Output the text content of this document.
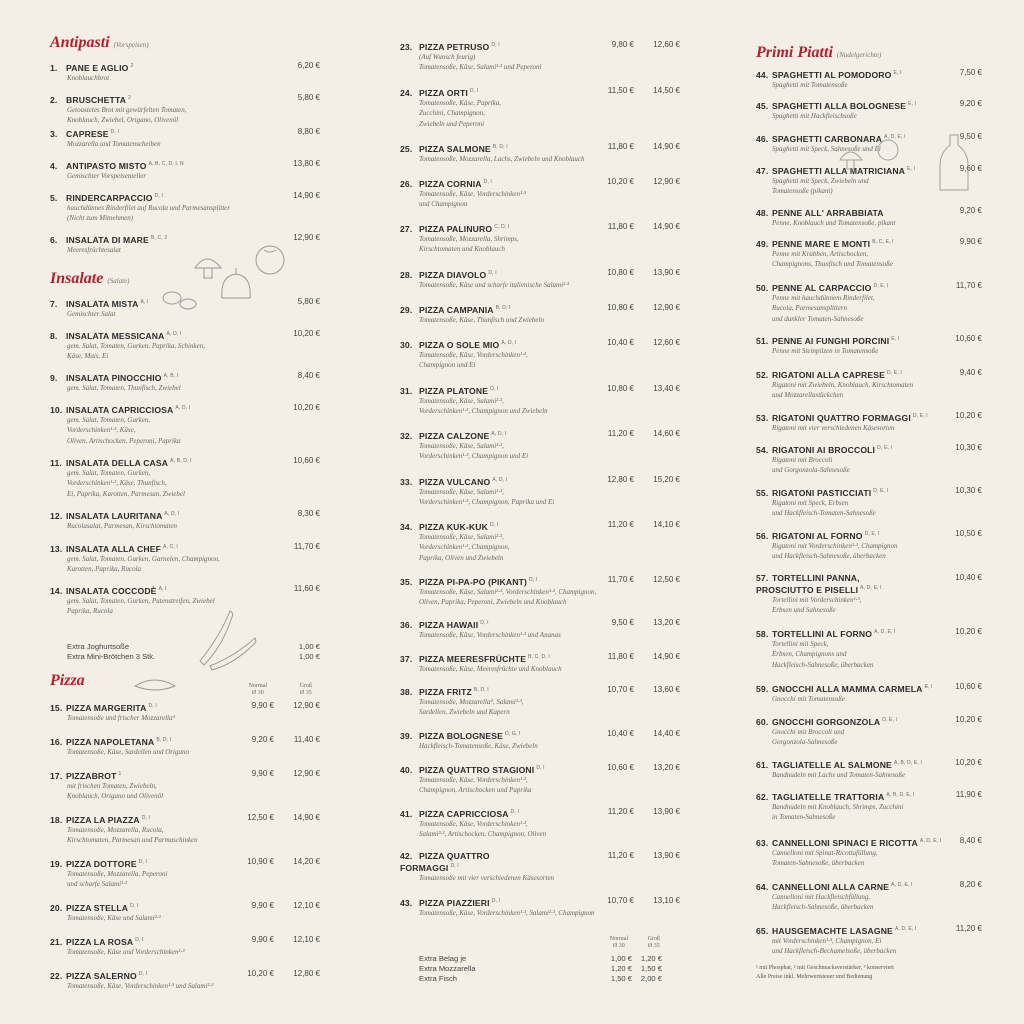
Antipasti (Vorspeisen)
1. PANE E AGLIO $^2$
Knoblauchbrot
6,20 €
2. BRUSCHETTA $^2$
Getoastetes Brot mit gewürfelten Tomaten,
Knoblauch, Zwiebel, Origano, Olivenöl
5,80 €
3. CAPRESE $^{D, I}$
Mozzarella und Tomatenscheiben
8,80 €
4. ANTIPASTO MISTO $^{A, B, C, D, I, N}$
Gemischter Vorspeisenteller
13,80 €
5. RINDERCARPACCIO $^{D, I}$
hauchdünnes Rinderfilet auf Rucola und Parmesansplitter
(Nicht zum Mitnehmen)
14,90 €
6. INSALATA DI MARE $^{B, C, 2}$
Meeresfrüchtesalat
12,90 €
Insalate (Salate)
7. INSALATA MISTA $^{A, I}$
Gemischter Salat
5,80 €
8. INSALATA MESSICANA $^{A, D, I}$
gem. Salat, Tomaten, Gurken, Paprika, Schinken,
Käse, Mais, Ei
10,20 €
9. INSALATA PINOCCHIO $^{A, B, I}$
gem. Salat, Tomaten, Thunfisch, Zwiebel
8,40 €
10. INSALATA CAPRICCIOSA $^{A, D, I}$
gem. Salat, Tomaten, Gurken,
Vorderschinken¹·³, Käse,
Oliven, Artischocken, Peperoni, Paprika
10,20 €
11. INSALATA DELLA CASA $^{A, B, D, I}$
gem. Salat, Tomaten, Gurken,
Vorderschinken¹·³, Käse, Thunfisch,
Ei, Paprika, Karotten, Parmesan, Zwiebel
10,60 €
12. INSALATA LAURITANA $^{A, D, I}$
Rucolasalat, Parmesan, Kirschtomaten
8,30 €
13. INSALATA ALLA CHEF $^{A, C, I}$
gem. Salat, Tomaten, Gurken, Garnelen, Champignon,
Karotten, Paprika, Rucola
11,70 €
14. INSALATA COCCODÈ $^{A, I}$
gem. Salat, Tomaten, Gurken, Putenstreifen, Zwiebel
Paprika, Rucola
11,60 €
Extra Joghurtsoße	1,00 €
Extra Mini-Brötchen 3 Stk.	1,00 €
Pizza	Normal
Ø 30
Groß
Ø 35
15. PIZZA MARGERITA $^{D, I}$
Tomatensoße und frischer Mozzarella⁴
9,90 € 12,90 €
16. PIZZA NAPOLETANA $^{B, D, I}$
Tomatensoße, Käse, Sardellen und Origano
9,20 € 11,40 €
17. PIZZABROT $^1$
mit frischen Tomaten, Zwiebeln,
Knoblauch, Origano und Olivenöl
9,90 € 12,90 €
18. PIZZA LA PIAZZA $^{D, I}$
Tomatensoße, Mozzarella, Rucola,
Kirschtomaten, Parmesan und Parmaschinken
12,50 € 14,90 €
19. PIZZA DOTTORE $^{D, I}$
Tomatensoße, Mozzarella, Peperoni
und scharfe Salami¹·³
10,90 € 14,20 €
20. PIZZA STELLA $^{D, I}$
Tomatensoße, Käse und Salami²·³
9,90 € 12,10 €
21. PIZZA LA ROSA $^{D, I}$
Tomatensoße, Käse und Vorderschinken¹·³
9,90 € 12,10 €
22. PIZZA SALERNO $^{D, I}$
Tomatensoße, Käse, Vorderschinken¹·³ und Salami²·³
10,20 € 12,80 €
23. PIZZA PETRUSO $^{D, I}$
(Auf Wunsch feurig)
Tomatensoße, Käse, Salami²·³ und Peperoni
9,80 € 12,60 €
24. PIZZA ORTI $^{D, I}$
Tomatensoße, Käse, Paprika,
Zucchini, Champignon,
Zwiebeln und Peperoni
11,50 € 14,50 €
25. PIZZA SALMONE $^{B, D, I}$
Tomatensoße, Mozzarella, Lachs, Zwiebeln und Knoblauch
11,80 € 14,90 €
26. PIZZA CORNIA $^{D, I}$
Tomatensoße, Käse, Vorderschinken¹·³
und Champignon
10,20 € 12,90 €
27. PIZZA PALINURO $^{C, D, I}$
Tomatensoße, Mozzarella, Shrimps,
Kirschtomaten und Knoblauch
11,80 € 14,90 €
28. PIZZA DIAVOLO $^{D, I}$
Tomatensoße, Käse und scharfe italienische Salami²·³
10,80 € 13,90 €
29. PIZZA CAMPANIA $^{B, D, I}$
Tomatensoße, Käse, Thunfisch und Zwiebeln
10,80 € 12,90 €
30. PIZZA O SOLE MIO $^{A, D, I}$
Tomatensoße, Käse, Vorderschinken¹·³,
Champignon und Ei
10,40 € 12,60 €
31. PIZZA PLATONE $^{D, I}$
Tomatensoße, Käse, Salami²·³,
Vorderschinken¹·³, Champignon und Zwiebeln
10,80 € 13,40 €
32. PIZZA CALZONE $^{A, D, I}$
Tomatensoße, Käse, Salami²·³,
Vorderschinken¹·³, Champignon und Ei
11,20 € 14,60 €
33. PIZZA VULCANO $^{A, D, I}$
Tomatensoße, Käse, Salami²·³,
Vorderschinken¹·³, Champignon, Paprika und Ei
12,80 € 15,20 €
34. PIZZA KUK-KUK $^{D, I}$
Tomatensoße, Käse, Salami²·³,
Vorderschinken¹·³, Champignon,
Paprika, Oliven und Zwiebeln
11,20 € 14,10 €
35. PIZZA PI-PA-PO (PIKANT) $^{D, I}$
Tomatensoße, Käse, Salami²·³, Vorderschinken¹·³, Champignon,
Oliven, Paprika, Peperoni, Zwiebeln und Knoblauch
11,70 € 12,50 €
36. PIZZA HAWAII $^{D, I}$
Tomatensoße, Käse, Vorderschinken¹·³ und Ananas
9,50 € 13,20 €
37. PIZZA MEERESFRÜCHTE $^{B, C, D, I}$
Tomatensoße, Käse, Meeresfrüchte und Knoblauch
11,80 € 14,90 €
38. PIZZA FRITZ $^{B, D, I}$
Tomatensoße, Mozzarella⁴, Salami²·³,
Sardellen, Zwiebeln und Kapern
10,70 € 13,60 €
39. PIZZA BOLOGNESE $^{D, G, I}$
Hackfleisch-Tomatensoße, Käse, Zwiebeln
10,40 € 14,40 €
40. PIZZA QUATTRO STAGIONI $^{D, I}$
Tomatensoße, Käse, Vorderschinken¹·³,
Champignon, Artischocken und Paprika
10,60 € 13,20 €
41. PIZZA CAPRICCIOSA $^{D, I}$
Tomatensoße, Käse, Vorderschinken¹·³,
Salami²·³, Artischocken, Champignon, Oliven
11,20 € 13,90 €
42. PIZZA QUATTRO
FORMAGGI $^{D, I}$
Tomatensoße mit vier verschiedenen Käsesorten
11,20 € 13,90 €
43. PIZZA PIAZZIERI $^{D, I}$
Tomatensoße, Käse, Vorderschinken¹·³, Salami²·³, Champignon
10,70 € 13,10 €
Normal
Ø 30
Groß
Ø 35
Extra Belag je	1,00 € 1,20 €
Extra Mozzarella	1,20 € 1,50 €
Extra Fisch	1,50 € 2,00 €
Primi Piatti (Nudelgerichte)
44. SPAGHETTI AL POMODORO $^{E, I}$
Spaghetti mit Tomatensoße
7,50 €
45. SPAGHETTI ALLA BOLOGNESE $^{E, I}$
Spaghetti mit Hackfleischsoße
9,20 €
46. SPAGHETTI CARBONARA $^{A, D, E, I}$
Spaghetti mit Speck, Sahnesoße und Ei
9,50 €
47. SPAGHETTI ALLA MATRICIANA $^{E, I}$
Spaghetti mit Speck, Zwiebeln und
Tomatensoße (pikant)
9,60 €
48. PENNE ALL' ARRABBIATA
Penne, Knoblauch und Tomatensoße, pikant
9,20 €
49. PENNE MARE E MONTI $^{B, C, E, I}$
Penne mit Krabben, Artischocken,
Champignons, Thunfisch und Tomatensoße
9,90 €
50. PENNE AL CARPACCIO $^{D, E, I}$
Penne mit hauchdünnem Rinderfilet,
Rucola, Parmesansplittern
und dunkler Tomaten-Sahnesoße
11,70 €
51. PENNE AI FUNGHI PORCINI $^{E, I}$
Penne mit Steinpilzen in Tomatensoße
10,60 €
52. RIGATONI ALLA CAPRESE $^{D, E, I}$
Rigatoni mit Zwiebeln, Knoblauch, Kirschtomaten
und Mozzarellastückchen
9,40 €
53. RIGATONI QUATTRO FORMAGGI $^{D, E, I}$
Rigatoni mit vier verschiedenen Käsesorten
10,20 €
54. RIGATONI AI BROCCOLI $^{D, E, I}$
Rigatoni mit Broccoli
und Gorgonzola-Sahnesoße
10,30 €
55. RIGATONI PASTICCIATI $^{D, E, I}$
Rigatoni mit Speck, Erbsen
und Hackfleisch-Tomaten-Sahnesoße
10,30 €
56. RIGATONI AL FORNO $^{D, E, I}$
Rigatoni mit Vorderschinken¹·³, Champignon
und Hackfleisch-Sahnesoße, überbacken
10,50 €
57. TORTELLINI PANNA,
PROSCIUTTO E PISELLI $^{A, D, E, I}$
Tortellini mit Vorderschinken¹·³,
Erbsen und Sahnesoße
10,40 €
58. TORTELLINI AL FORNO $^{A, D, E, I}$
Tortellini mit Speck,
Erbsen, Champignons und
Hackfleisch-Sahnesoße, überbacken
10,20 €
59. GNOCCHI ALLA MAMMA CARMELA $^{E, I}$
Gnocchi mit Tomatensoße
10,60 €
60. GNOCCHI GORGONZOLA $^{D, E, I}$
Gnocchi mit Broccoli und
Gorgonzola-Sahnesoße
10,20 €
61. TAGLIATELLE AL SALMONE $^{A, B, D, E, I}$
Bandnudeln mit Lachs und Tomaten-Sahnesoße
10,20 €
62. TAGLIATELLE TRATTORIA $^{A, B, D, E, I}$
Bandnudeln mit Knoblauch, Shrimps, Zucchini
in Tomaten-Sahnesoße
11,90 €
63. CANNELLONI SPINACI E RICOTTA $^{A, D, E, I}$
Cannelloni mit Spinat-Ricottafüllung,
Tomaten-Sahnesoße, überbacken
8,40 €
64. CANNELLONI ALLA CARNE $^{A, D, E, I}$
Cannelloni mit Hackfleischfüllung,
Hackfleisch-Sahnesoße, überbacken
8,20 €
65. HAUSGEMACHTE LASAGNE $^{A, D, E, I}$
mit Vorderschinken¹·³, Champignon, Ei
und Hackfleisch-Bechamelsoße, überbacken
11,20 €
¹ mit Phosphat, ² mit Geschmacksverstärker, ³ konserviert
Alle Preise inkl. Mehrwertsteuer und Bedienung
